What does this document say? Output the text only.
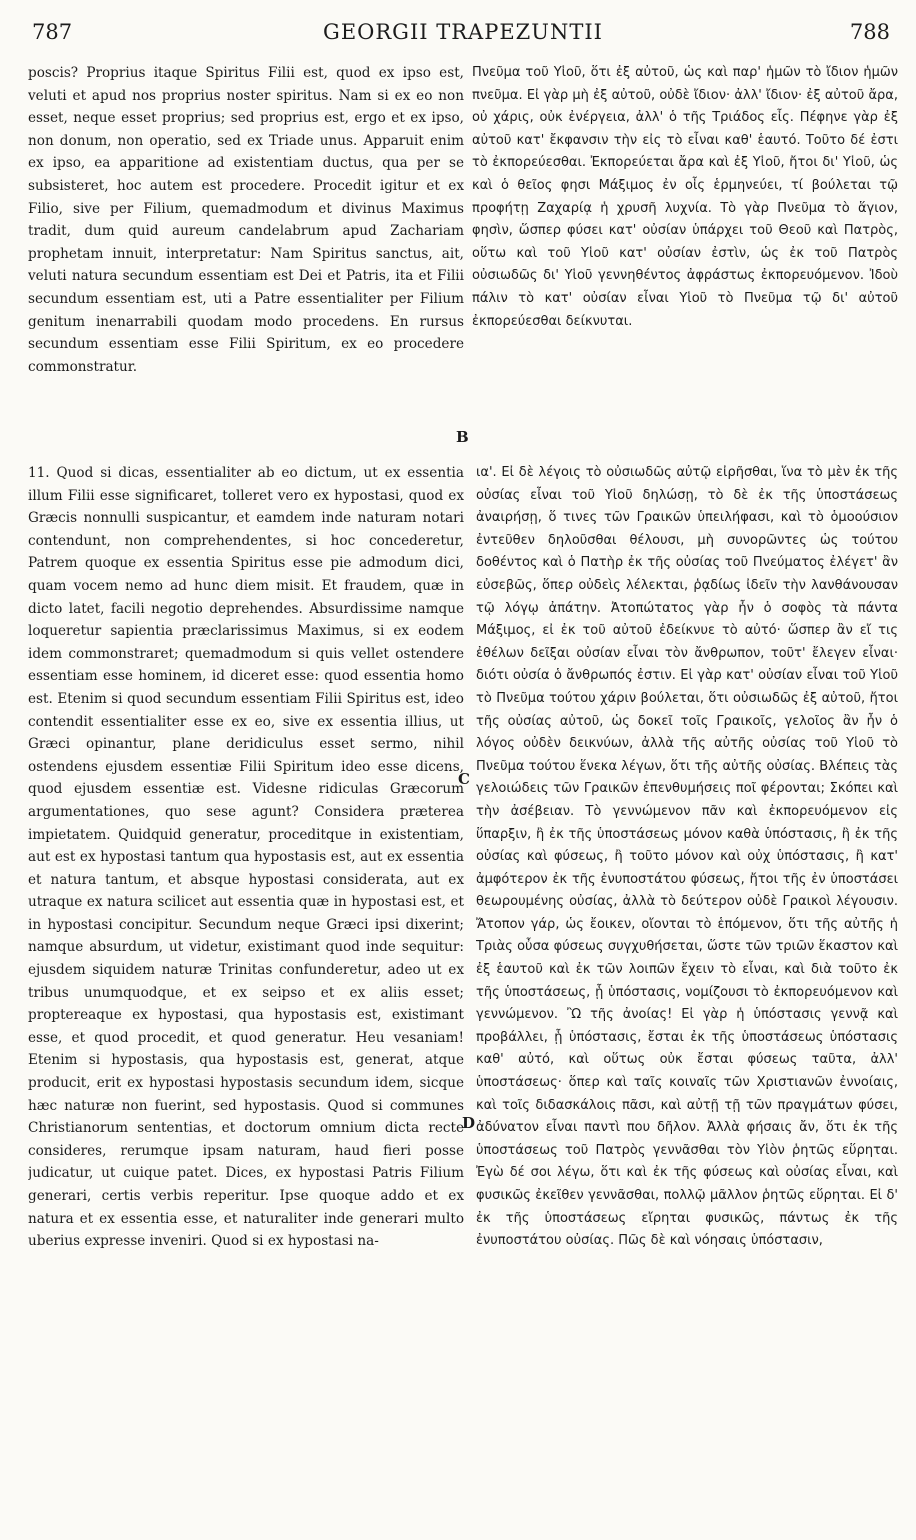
787	GEORGII TRAPEZUNTII	788

poscis? Proprius itaque Spiritus Filii est, quod ex ipso est, veluti et apud nos proprius noster spiritus. Nam si ex eo non esset, neque esset proprius; sed proprius est, ergo et ex ipso, non donum, non operatio, sed ex Triade unus. Apparuit enim ex ipso, ea apparitione ad existentiam ductus, qua per se subsisteret, hoc autem est procedere. Procedit igitur et ex Filio, sive per Filium, quemadmodum et divinus Maximus tradit, dum quid aureum candelabrum apud Zachariam prophetam innuit, interpretatur: Nam Spiritus sanctus, ait, veluti natura secundum essentiam est Dei et Patris, ita et Filii secundum essentiam est, uti a Patre essentialiter per Filium genitum inenarrabili quodam modo procedens. En rursus secundum essentiam esse Filii Spiritum, ex eo procedere commonstratur.

Πνεῦμα τοῦ Υἱοῦ, ὅτι ἐξ αὐτοῦ, ὡς καὶ παρ' ἡμῶν τὸ ἴδιον ἡμῶν πνεῦμα. Εἰ γὰρ μὴ ἐξ αὐτοῦ, οὐδὲ ἴδιον· ἀλλ' ἴδιον· ἐξ αὐτοῦ ἄρα, οὐ χάρις, οὐκ ἐνέργεια, ἀλλ' ὁ τῆς Τριάδος εἷς. Πέφηνε γὰρ ἐξ αὐτοῦ κατ' ἔκφανσιν τὴν εἰς τὸ εἶναι καθ' ἑαυτό. Τοῦτο δέ ἐστι τὸ ἐκπορεύεσθαι. Ἐκπορεύεται ἄρα καὶ ἐξ Υἱοῦ, ἤτοι δι' Υἱοῦ, ὡς καὶ ὁ θεῖος φησι Μάξιμος ἐν οἷς ἑρμηνεύει, τί βούλεται τῷ προφήτῃ Ζαχαρίᾳ ἡ χρυσῆ λυχνία. Τὸ γὰρ Πνεῦμα τὸ ἅγιον, φησὶν, ὥσπερ φύσει κατ' οὐσίαν ὑπάρχει τοῦ Θεοῦ καὶ Πατρὸς, οὕτω καὶ τοῦ Υἱοῦ κατ' οὐσίαν ἐστὶν, ὡς ἐκ τοῦ Πατρὸς οὐσιωδῶς δι' Υἱοῦ γεννηθέντος ἀφράστως ἐκπορευόμενον. Ἰδοὺ πάλιν τὸ κατ' οὐσίαν εἶναι Υἱοῦ τὸ Πνεῦμα τῷ δι' αὐτοῦ ἐκπορεύεσθαι δείκνυται.

B
C
D

11. Quod si dicas, essentialiter ab eo dictum, ut ex essentia illum Filii esse significaret, tolleret vero ex hypostasi, quod ex Græcis nonnulli suspicantur, et eamdem inde naturam notari contendunt, non comprehendentes, si hoc concederetur, Patrem quoque ex essentia Spiritus esse pie admodum dici, quam vocem nemo ad hunc diem misit. Et fraudem, quæ in dicto latet, facili negotio deprehendes. Absurdissime namque loqueretur sapientia præclarissimus Maximus, si ex eodem idem commonstraret; quemadmodum si quis vellet ostendere essentiam esse hominem, id diceret esse: quod essentia homo est. Etenim si quod secundum essentiam Filii Spiritus est, ideo contendit essentialiter esse ex eo, sive ex essentia illius, ut Græci opinantur, plane deridiculus esset sermo, nihil ostendens ejusdem essentiæ Filii Spiritum ideo esse dicens, quod ejusdem essentiæ est. Videsne ridiculas Græcorum argumentationes, quo sese agunt? Considera præterea impietatem. Quidquid generatur, proceditque in existentiam, aut est ex hypostasi tantum qua hypostasis est, aut ex essentia et natura tantum, et absque hypostasi considerata, aut ex utraque ex natura scilicet aut essentia quæ in hypostasi est, et in hypostasi concipitur. Secundum neque Græci ipsi dixerint; namque absurdum, ut videtur, existimant quod inde sequitur: ejusdem siquidem naturæ Trinitas confunderetur, adeo ut ex tribus unumquodque, et ex seipso et ex aliis esset; proptereaque ex hypostasi, qua hypostasis est, existimant esse, et quod procedit, et quod generatur. Heu vesaniam! Etenim si hypostasis, qua hypostasis est, generat, atque producit, erit ex hypostasi hypostasis secundum idem, sicque hæc naturæ non fuerint, sed hypostasis. Quod si communes Christianorum sententias, et doctorum omnium dicta recte consideres, rerumque ipsam naturam, haud fieri posse judicatur, ut cuique patet. Dices, ex hypostasi Patris Filium generari, certis verbis reperitur. Ipse quoque addo et ex natura et ex essentia esse, et naturaliter inde generari multo uberius expresse inveniri. Quod si ex hypostasi na-

ια'. Εἰ δὲ λέγοις τὸ οὐσιωδῶς αὐτῷ εἰρῆσθαι, ἵνα τὸ μὲν ἐκ τῆς οὐσίας εἶναι τοῦ Υἱοῦ δηλώσῃ, τὸ δὲ ἐκ τῆς ὑποστάσεως ἀναιρήσῃ, ὅ τινες τῶν Γραικῶν ὑπειλήφασι, καὶ τὸ ὁμοούσιον ἐντεῦθεν δηλοῦσθαι θέλουσι, μὴ συνορῶντες ὡς τούτου δοθέντος καὶ ὁ Πατὴρ ἐκ τῆς οὐσίας τοῦ Πνεύματος ἐλέγετ' ἂν εὐσεβῶς, ὅπερ οὐδεὶς λέλεκται, ῥᾳδίως ἰδεῖν τὴν λανθάνουσαν τῷ λόγῳ ἀπάτην. Ἀτοπώτατος γὰρ ἦν ὁ σοφὸς τὰ πάντα Μάξιμος, εἰ ἐκ τοῦ αὐτοῦ ἐδείκνυε τὸ αὐτό· ὥσπερ ἂν εἴ τις ἐθέλων δεῖξαι οὐσίαν εἶναι τὸν ἄνθρωπον, τοῦτ' ἔλεγεν εἶναι· διότι οὐσία ὁ ἄνθρωπός ἐστιν. Εἰ γὰρ κατ' οὐσίαν εἶναι τοῦ Υἱοῦ τὸ Πνεῦμα τούτου χάριν βούλεται, ὅτι οὐσιωδῶς ἐξ αὐτοῦ, ἤτοι τῆς οὐσίας αὐτοῦ, ὡς δοκεῖ τοῖς Γραικοῖς, γελοῖος ἂν ἦν ὁ λόγος οὐδὲν δεικνύων, ἀλλὰ τῆς αὐτῆς οὐσίας τοῦ Υἱοῦ τὸ Πνεῦμα τούτου ἕνεκα λέγων, ὅτι τῆς αὐτῆς οὐσίας. Βλέπεις τὰς γελοιώδεις τῶν Γραικῶν ἐπενθυμήσεις ποῖ φέρονται; Σκόπει καὶ τὴν ἀσέβειαν. Τὸ γεννώμενον πᾶν καὶ ἐκπορευόμενον εἰς ὕπαρξιν, ἢ ἐκ τῆς ὑποστάσεως μόνον καθὰ ὑπόστασις, ἢ ἐκ τῆς οὐσίας καὶ φύσεως, ἢ τοῦτο μόνον καὶ οὐχ ὑπόστασις, ἢ κατ' ἀμφότερον ἐκ τῆς ἐνυποστάτου φύσεως, ἤτοι τῆς ἐν ὑποστάσει θεωρουμένης οὐσίας, ἀλλὰ τὸ δεύτερον οὐδὲ Γραικοὶ λέγουσιν. Ἄτοπον γάρ, ὡς ἔοικεν, οἴονται τὸ ἑπόμενον, ὅτι τῆς αὐτῆς ἡ Τριὰς οὖσα φύσεως συγχυθήσεται, ὥστε τῶν τριῶν ἕκαστον καὶ ἐξ ἑαυτοῦ καὶ ἐκ τῶν λοιπῶν ἔχειν τὸ εἶναι, καὶ διὰ τοῦτο ἐκ τῆς ὑποστάσεως, ᾗ ὑπόστασις, νομίζουσι τὸ ἐκπορευόμενον καὶ γεννώμενον. Ὢ τῆς ἀνοίας! Εἰ γὰρ ἡ ὑπόστασις γεννᾷ καὶ προβάλλει, ᾗ ὑπόστασις, ἔσται ἐκ τῆς ὑποστάσεως ὑπόστασις καθ' αὐτό, καὶ οὕτως οὐκ ἔσται φύσεως ταῦτα, ἀλλ' ὑποστάσεως· ὅπερ καὶ ταῖς κοιναῖς τῶν Χριστιανῶν ἐννοίαις, καὶ τοῖς διδασκάλοις πᾶσι, καὶ αὐτῇ τῇ τῶν πραγμάτων φύσει, ἀδύνατον εἶναι παντὶ που δῆλον. Ἀλλὰ φήσαις ἄν, ὅτι ἐκ τῆς ὑποστάσεως τοῦ Πατρὸς γεννᾶσθαι τὸν Υἱὸν ῥητῶς εὕρηται. Ἐγὼ δέ σοι λέγω, ὅτι καὶ ἐκ τῆς φύσεως καὶ οὐσίας εἶναι, καὶ φυσικῶς ἐκεῖθεν γεννᾶσθαι, πολλῷ μᾶλλον ῥητῶς εὕρηται. Εἰ δ' ἐκ τῆς ὑποστάσεως εἴρηται φυσικῶς, πάντως ἐκ τῆς ἐνυποστάτου οὐσίας. Πῶς δὲ καὶ νόησαις ὑπόστασιν,
